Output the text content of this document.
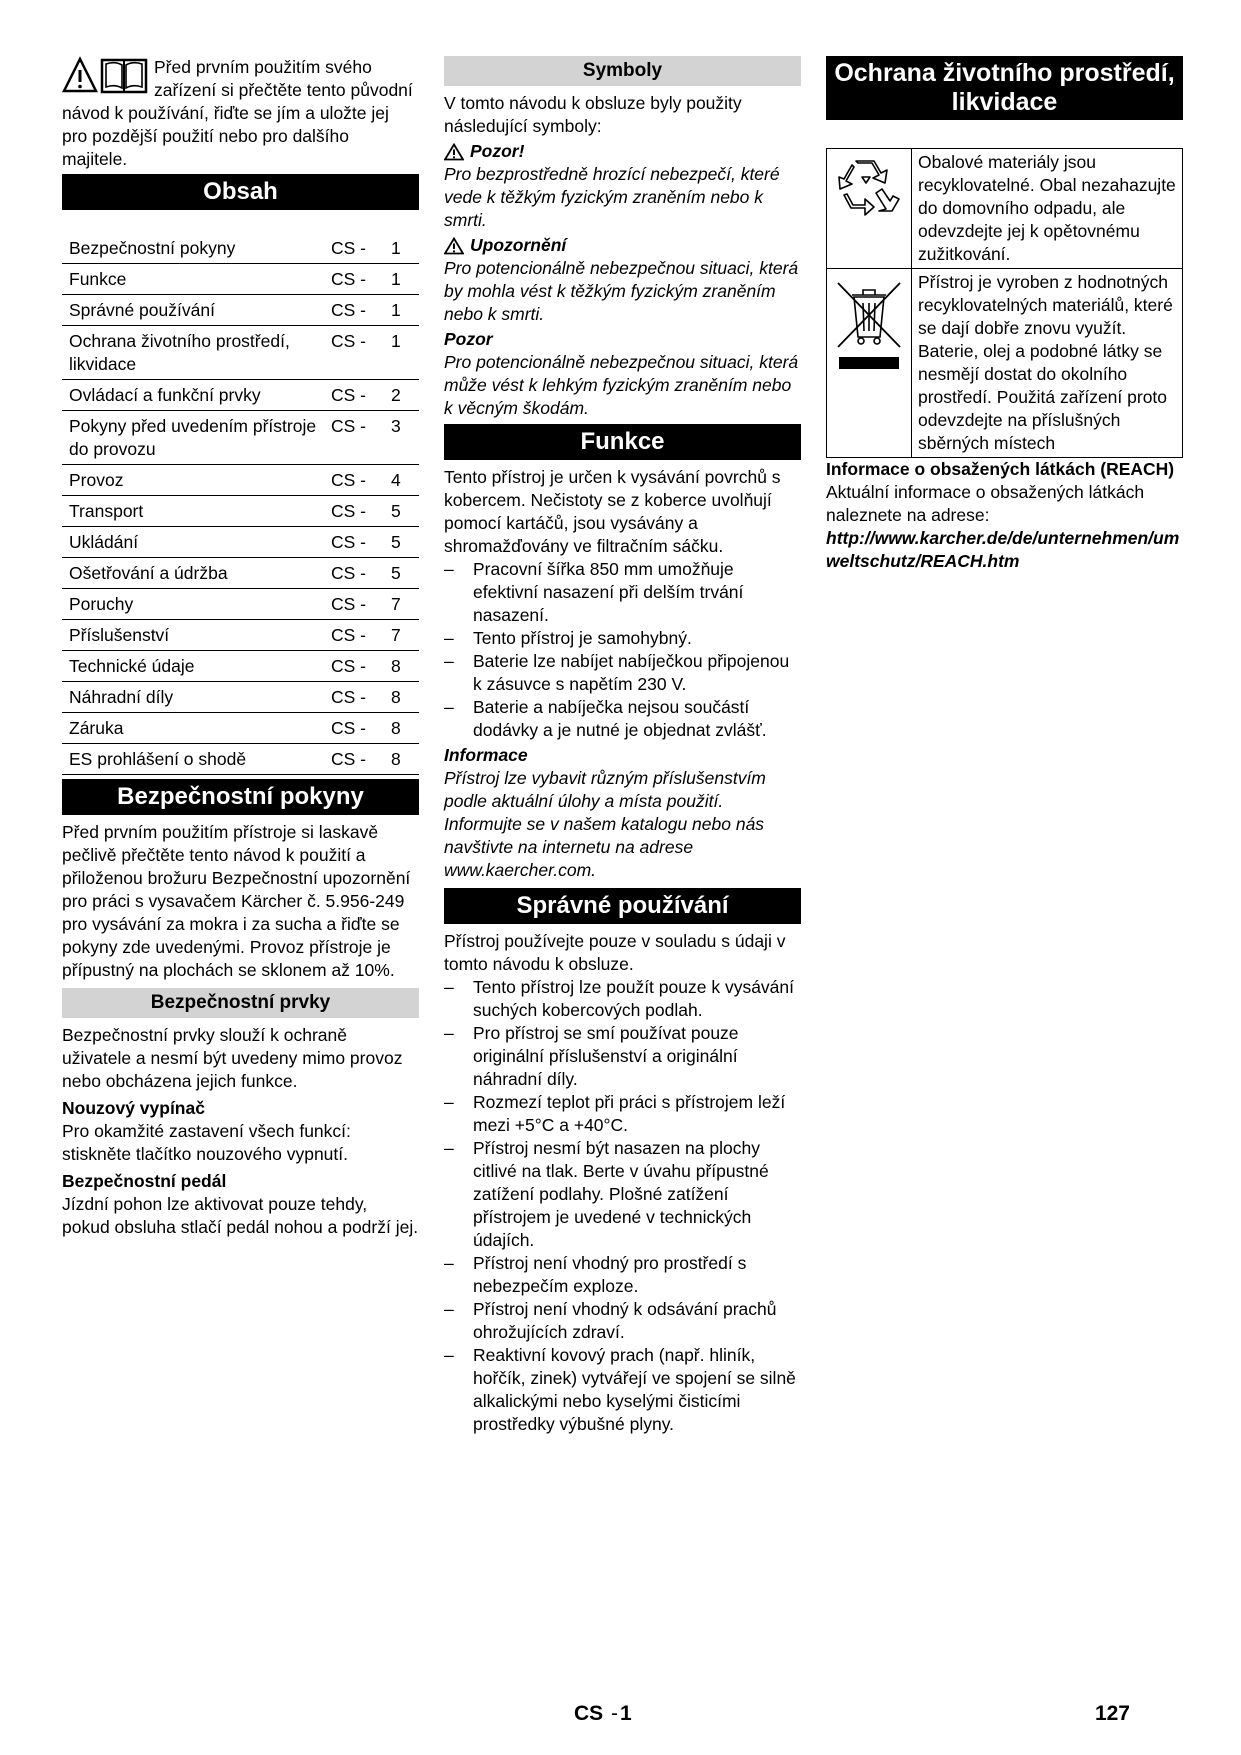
Před prvním použitím svého zařízení si přečtěte tento původní návod k používání, řiďte se jím a uložte jej pro pozdější použití nebo pro dalšího majitele.

Obsah
Bezpečnostní pokyny	CS -	1
Funkce	CS -	1
Správné používání	CS -	1
Ochrana životního prostředí, likvidace	CS -	1
Ovládací a funkční prvky	CS -	2
Pokyny před uvedením přístroje do provozu	CS -	3
Provoz	CS -	4
Transport	CS -	5
Ukládání	CS -	5
Ošetřování a údržba	CS -	5
Poruchy	CS -	7
Příslušenství	CS -	7
Technické údaje	CS -	8
Náhradní díly	CS -	8
Záruka	CS -	8
ES prohlášení o shodě	CS -	8
Bezpečnostní pokyny

Před prvním použitím přístroje si laskavě pečlivě přečtěte tento návod k použití a přiloženou brožuru Bezpečnostní upozornění pro práci s vysavačem Kärcher č. 5.956-249 pro vysávání za mokra i za sucha a řiďte se pokyny zde uvedenými. Provoz přístroje je přípustný na plochách se sklonem až 10%.

Bezpečnostní prvky

Bezpečnostní prvky slouží k ochraně uživatele a nesmí být uvedeny mimo provoz nebo obcházena jejich funkce.

Nouzový vypínač

Pro okamžité zastavení všech funkcí: stiskněte tlačítko nouzového vypnutí.

Bezpečnostní pedál

Jízdní pohon lze aktivovat pouze tehdy, pokud obsluha stlačí pedál nohou a podrží jej.

Symboly

V tomto návodu k obsluze byly použity následující symboly:

Pozor!

Pro bezprostředně hrozící nebezpečí, které vede k těžkým fyzickým zraněním nebo k smrti.

Upozornění

Pro potencionálně nebezpečnou situaci, která by mohla vést k těžkým fyzickým zraněním nebo k smrti.

Pozor

Pro potencionálně nebezpečnou situaci, která může vést k lehkým fyzickým zraněním nebo k věcným škodám.

Funkce

Tento přístroj je určen k vysávání povrchů s kobercem. Nečistoty se z koberce uvolňují pomocí kartáčů, jsou vysávány a shromažďovány ve filtračním sáčku.

– Pracovní šířka 850 mm umožňuje efektivní nasazení při delším trvání nasazení.
– Tento přístroj je samohybný.
– Baterie lze nabíjet nabíječkou připojenou k zásuvce s napětím 230 V.
– Baterie a nabíječka nejsou součástí dodávky a je nutné je objednat zvlášť.

Informace

Přístroj lze vybavit různým příslušenstvím podle aktuální úlohy a místa použití. Informujte se v našem katalogu nebo nás navštivte na internetu na adrese www.kaercher.com.

Správné používání

Přístroj používejte pouze v souladu s údaji v tomto návodu k obsluze.

– Tento přístroj lze použít pouze k vysávání suchých kobercových podlah.
– Pro přístroj se smí používat pouze originální příslušenství a originální náhradní díly.
– Rozmezí teplot při práci s přístrojem leží mezi +5°C a +40°C.
– Přístroj nesmí být nasazen na plochy citlivé na tlak. Berte v úvahu přípustné zatížení podlahy. Plošné zatížení přístrojem je uvedené v technických údajích.
– Přístroj není vhodný pro prostředí s nebezpečím exploze.
– Přístroj není vhodný k odsávání prachů ohrožujících zdraví.
– Reaktivní kovový prach (např. hliník, hořčík, zinek) vytvářejí ve spojení se silně alkalickými nebo kyselými čisticími prostředky výbušné plyny.
Ochrana životního prostředí, likvidace
	Obalové materiály jsou recyklovatelné. Obal nezahazujte do domovního odpadu, ale odevzdejte jej k opětovnému zužitkování.
	Přístroj je vyroben z hodnotných recyklovatelných materiálů, které se dají dobře znovu využít. Baterie, olej a podobné látky se nesmějí dostat do okolního prostředí. Použitá zařízení proto odevzdejte na příslušných sběrných místech

Informace o obsažených látkách (REACH)

Aktuální informace o obsažených látkách naleznete na adrese:

http://www.karcher.de/de/unternehmen/umweltschutz/REACH.htm

CS - 1	127
